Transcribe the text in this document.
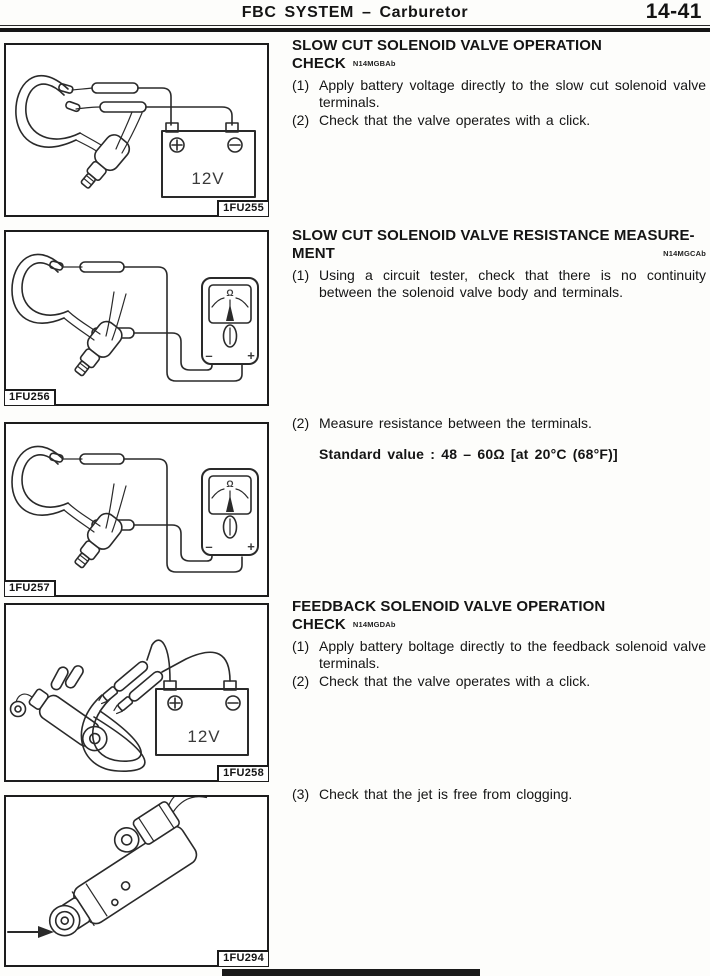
FBC SYSTEM – Carburetor	14-41
12V
1FU255
Ω
–	+
1FU256
Ω
–	+
1FU257
12V
1FU258
1FU294
SLOW CUT SOLENOID VALVE OPERATION CHECK N14MGBAb
(1) Apply battery voltage directly to the slow cut solenoid valve terminals.
(2) Check that the valve operates with a click.
SLOW CUT SOLENOID VALVE RESISTANCE MEASURE-
MENT	N14MGCAb
(1) Using a circuit tester, check that there is no continuity between the solenoid valve body and terminals.
(2) Measure resistance between the terminals.
Standard value : 48 – 60Ω [at 20°C (68°F)]
FEEDBACK SOLENOID VALVE OPERATION CHECK N14MGDAb
(1) Apply battery boltage directly to the feedback solenoid valve terminals.
(2) Check that the valve operates with a click.
(3) Check that the jet is free from clogging.
